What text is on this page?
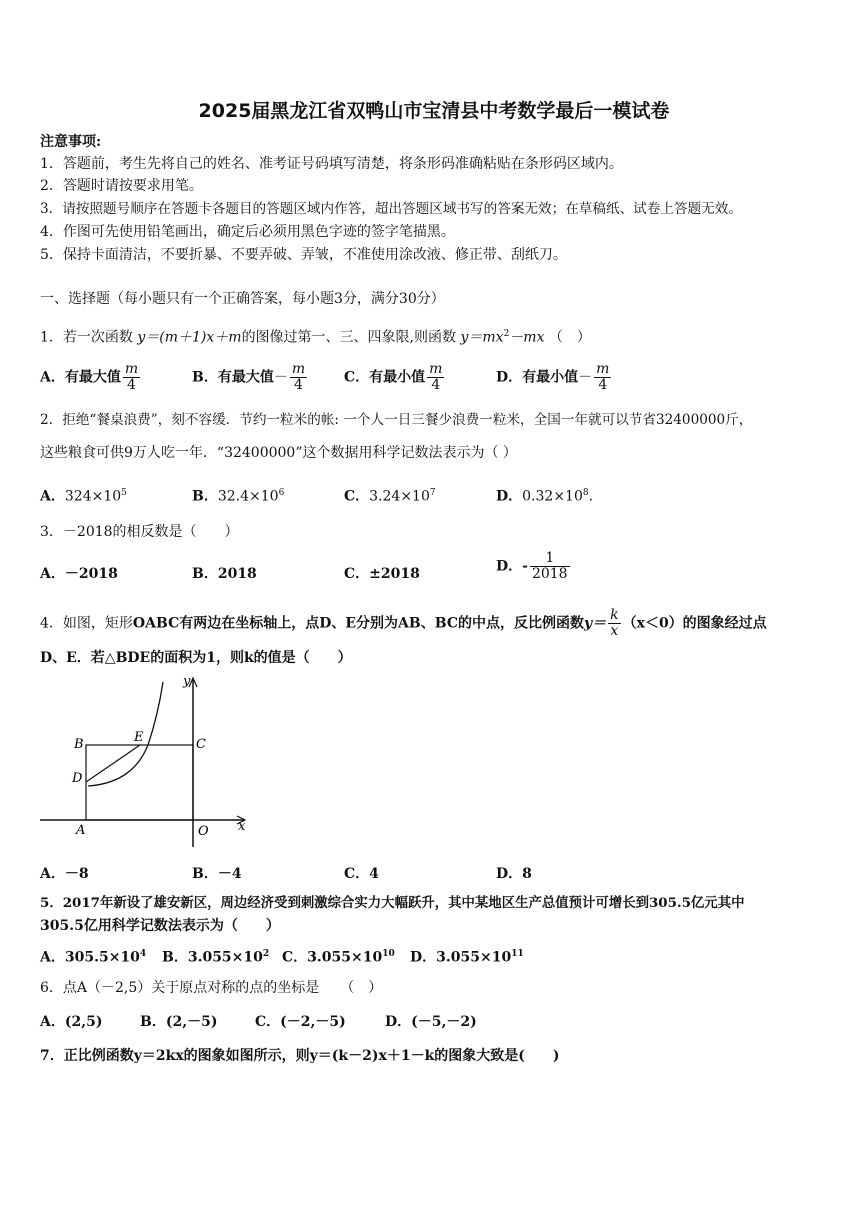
2025届黑龙江省双鸭山市宝清县中考数学最后一模试卷
注意事项:
1．答题前，考生先将自己的姓名、准考证号码填写清楚，将条形码准确粘贴在条形码区域内。
2．答题时请按要求用笔。
3．请按照题号顺序在答题卡各题目的答题区域内作答，超出答题区域书写的答案无效；在草稿纸、试卷上答题无效。
4．作图可先使用铅笔画出，确定后必须用黑色字迹的签字笔描黑。
5．保持卡面清洁，不要折暴、不要弄破、弄皱，不准使用涂改液、修正带、刮纸刀。
一、选择题（每小题只有一个正确答案，每小题3分，满分30分）
1．若一次函数 y＝(m＋1)x＋m的图像过第一、三、四象限,则函数 $y=mx^2-mx$ （　）
A．有最大值 $\frac{m}{4}$	B．有最大值－ $\frac{m}{4}$	C．有最小值 $\frac{m}{4}$	D．有最小值－ $\frac{m}{4}$
2．拒绝“餐桌浪费”，刻不容缓．节约一粒米的帐: 一个人一日三餐少浪费一粒米，全国一年就可以节省32400000斤，
这些粮食可供9万人吃一年．“32400000”这个数据用科学记数法表示为（ ）
A．$324\times 10^5$	B．$32.4\times 10^6$	C．$3.24\times 10^7$	D．$0.32\times 10^8$.
3．－2018的相反数是（　　）
A．－2018	B．2018	C．±2018	D．- $\frac{1}{2018}$
4．如图，矩形OABC有两边在坐标轴上，点D、E分别为AB、BC的中点，反比例函数$y= \frac{k}{x} (x<0)$的图象经过点
D、E．若△BDE的面积为1，则k的值是（　　）
y
x
B	E	C
D
A	O
A．－8	B．－4	C．4	D．8
5．2017年新设了雄安新区，周边经济受到刺激综合实力大幅跃升，其中某地区生产总值预计可增长到305.5亿元其中
305.5亿用科学记数法表示为（　　）
A．$305.5\times 10^4$ B．$3.055\times 10^2$ C．$3.055\times 10^{10}$ D．$3.055\times 10^{11}$
6．点A（－2,5）关于原点对称的点的坐标是　　（　）
A．(2,5)	B．(2,－5)	C．(－2,－5)	D．(－5,－2)
7．正比例函数y＝2kx的图象如图所示，则y＝(k－2)x＋1－k的图象大致是(　　)
